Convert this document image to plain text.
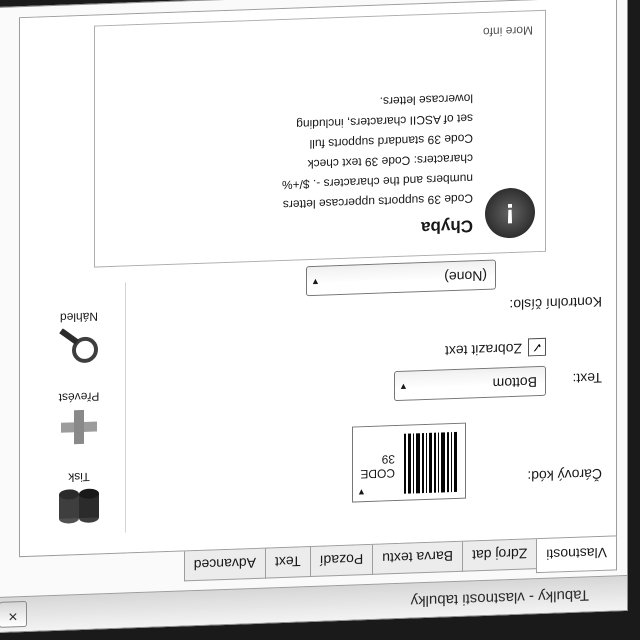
Tabulky - vlastnosti tabulky
×
Vlastnosti
Zdroj dat
Barva textu
Pozadí
Text
Advanced
Čárový kód:
CODE 39
▼
Text:
Bottom
▼
✓
Zobrazit text
Kontrolní číslo:
(None)
▼
!
Chyba
Code 39 supports uppercase letters
numbers and the characters -. $/+%
characters: Code 39 text check
Code 39 standard supports full
set of ASCII characters, including
lowercase letters.
More info
Tisk
Převést
Náhled
